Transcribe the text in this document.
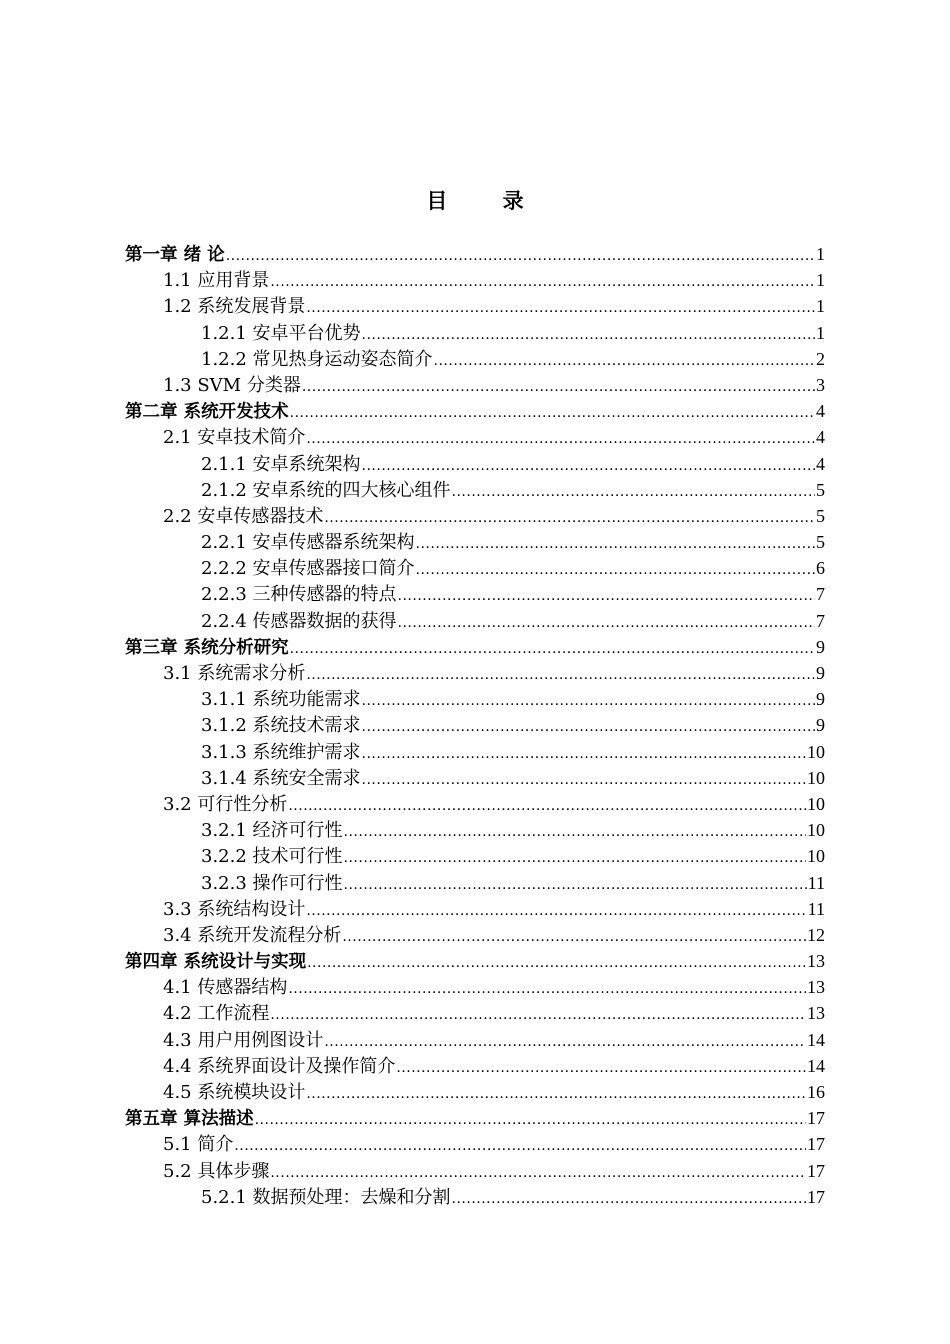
目 录
第一章 绪 论 .....	1
1.1 应用背景 .....	1
1.2 系统发展背景 .....	1
1.2.1 安卓平台优势 .....	1
1.2.2 常见热身运动姿态简介 .....	2
1.3 SVM 分类器 .....	3
第二章 系统开发技术 .....	4
2.1 安卓技术简介 .....	4
2.1.1 安卓系统架构 .....	4
2.1.2 安卓系统的四大核心组件 .....	5
2.2 安卓传感器技术 .....	5
2.2.1 安卓传感器系统架构 .....	5
2.2.2 安卓传感器接口简介 .....	6
2.2.3 三种传感器的特点 .....	7
2.2.4 传感器数据的获得 .....	7
第三章 系统分析研究 .....	9
3.1 系统需求分析 .....	9
3.1.1 系统功能需求 .....	9
3.1.2 系统技术需求 .....	9
3.1.3 系统维护需求 .....	10
3.1.4 系统安全需求 .....	10
3.2 可行性分析 .....	10
3.2.1 经济可行性 .....	10
3.2.2 技术可行性 .....	10
3.2.3 操作可行性 .....	11
3.3 系统结构设计 .....	11
3.4 系统开发流程分析 .....	12
第四章 系统设计与实现 .....	13
4.1 传感器结构 .....	13
4.2 工作流程 .....	13
4.3 用户用例图设计 .....	14
4.4 系统界面设计及操作简介 .....	14
4.5 系统模块设计 .....	16
第五章 算法描述 .....	17
5.1 简介 .....	17
5.2 具体步骤 .....	17
5.2.1 数据预处理：去燥和分割 .....	17
